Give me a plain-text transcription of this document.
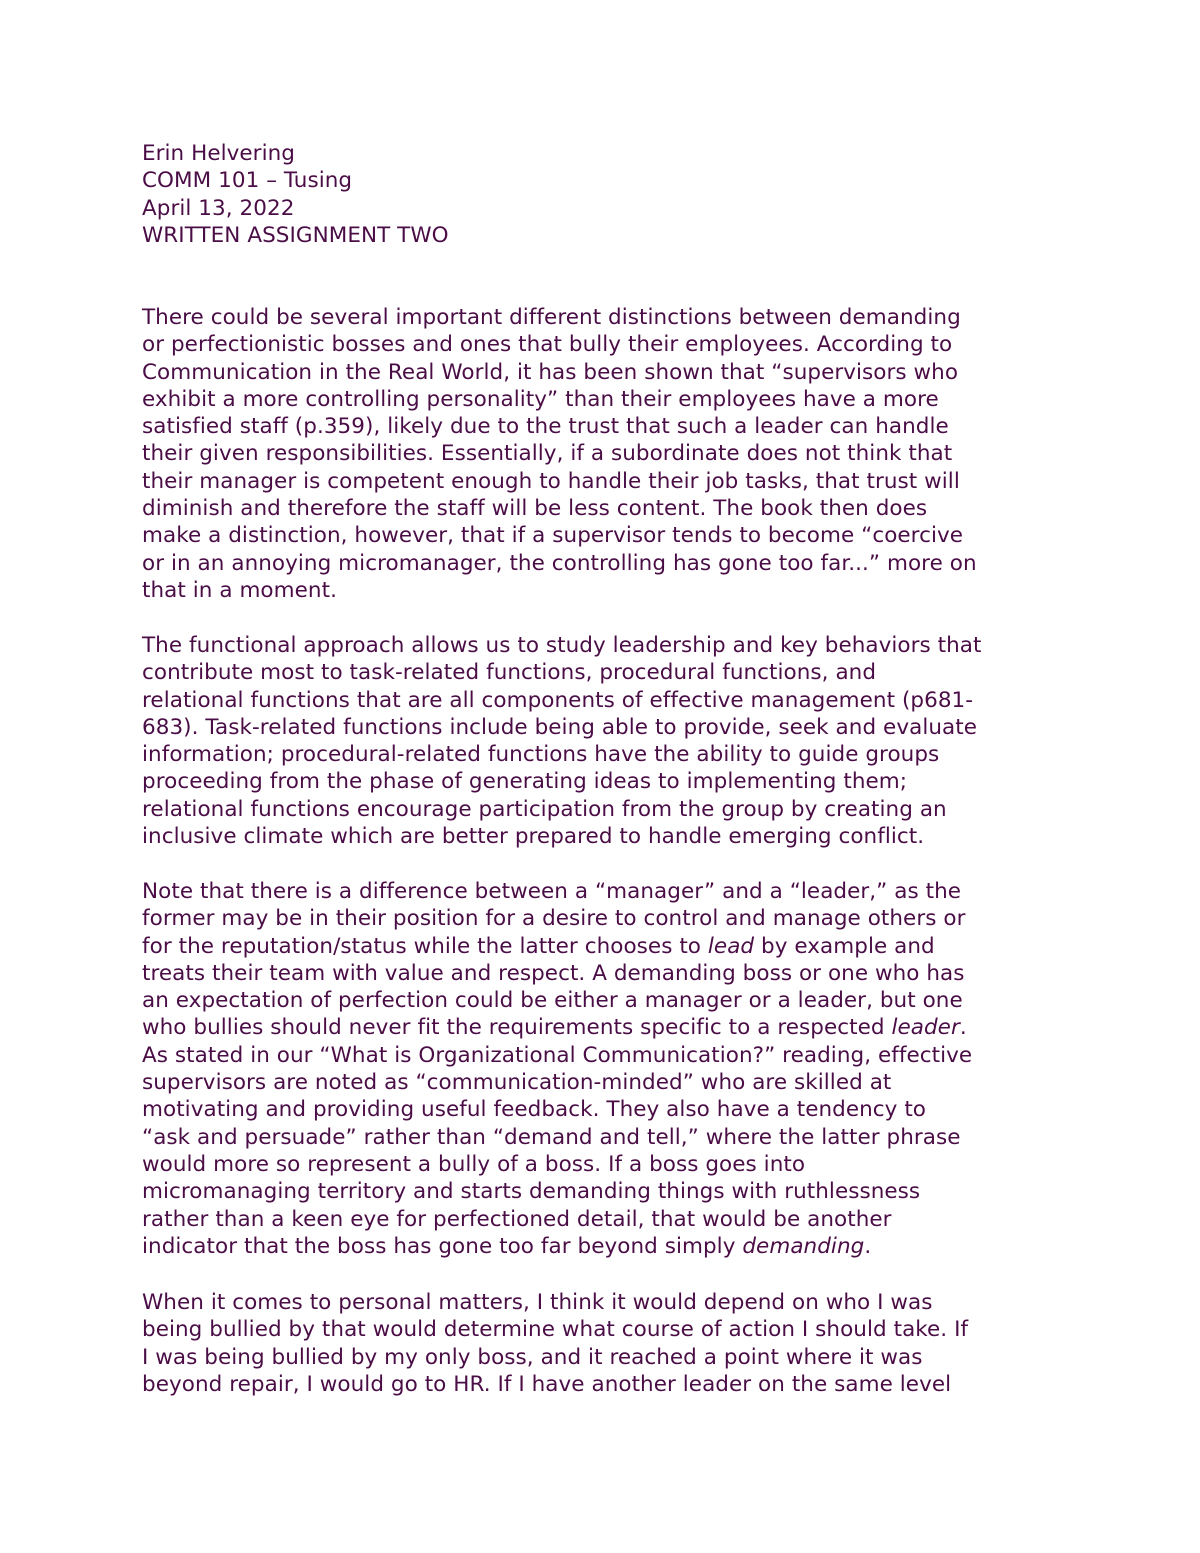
Erin Helvering
COMM 101 – Tusing
April 13, 2022
WRITTEN ASSIGNMENT TWO
There could be several important different distinctions between demanding
or perfectionistic bosses and ones that bully their employees. According to
Communication in the Real World, it has been shown that “supervisors who
exhibit a more controlling personality” than their employees have a more
satisfied staff (p.359), likely due to the trust that such a leader can handle
their given responsibilities. Essentially, if a subordinate does not think that
their manager is competent enough to handle their job tasks, that trust will
diminish and therefore the staff will be less content. The book then does
make a distinction, however, that if a supervisor tends to become “coercive
or in an annoying micromanager, the controlling has gone too far...” more on
that in a moment.
The functional approach allows us to study leadership and key behaviors that
contribute most to task-related functions, procedural functions, and
relational functions that are all components of effective management (p681-
683). Task-related functions include being able to provide, seek and evaluate
information; procedural-related functions have the ability to guide groups
proceeding from the phase of generating ideas to implementing them;
relational functions encourage participation from the group by creating an
inclusive climate which are better prepared to handle emerging conflict.
Note that there is a difference between a “manager” and a “leader,” as the
former may be in their position for a desire to control and manage others or
for the reputation/status while the latter chooses to lead by example and
treats their team with value and respect. A demanding boss or one who has
an expectation of perfection could be either a manager or a leader, but one
who bullies should never fit the requirements specific to a respected leader.
As stated in our “What is Organizational Communication?” reading, effective
supervisors are noted as “communication-minded” who are skilled at
motivating and providing useful feedback. They also have a tendency to
“ask and persuade” rather than “demand and tell,” where the latter phrase
would more so represent a bully of a boss. If a boss goes into
micromanaging territory and starts demanding things with ruthlessness
rather than a keen eye for perfectioned detail, that would be another
indicator that the boss has gone too far beyond simply demanding.
When it comes to personal matters, I think it would depend on who I was
being bullied by that would determine what course of action I should take. If
I was being bullied by my only boss, and it reached a point where it was
beyond repair, I would go to HR. If I have another leader on the same level
